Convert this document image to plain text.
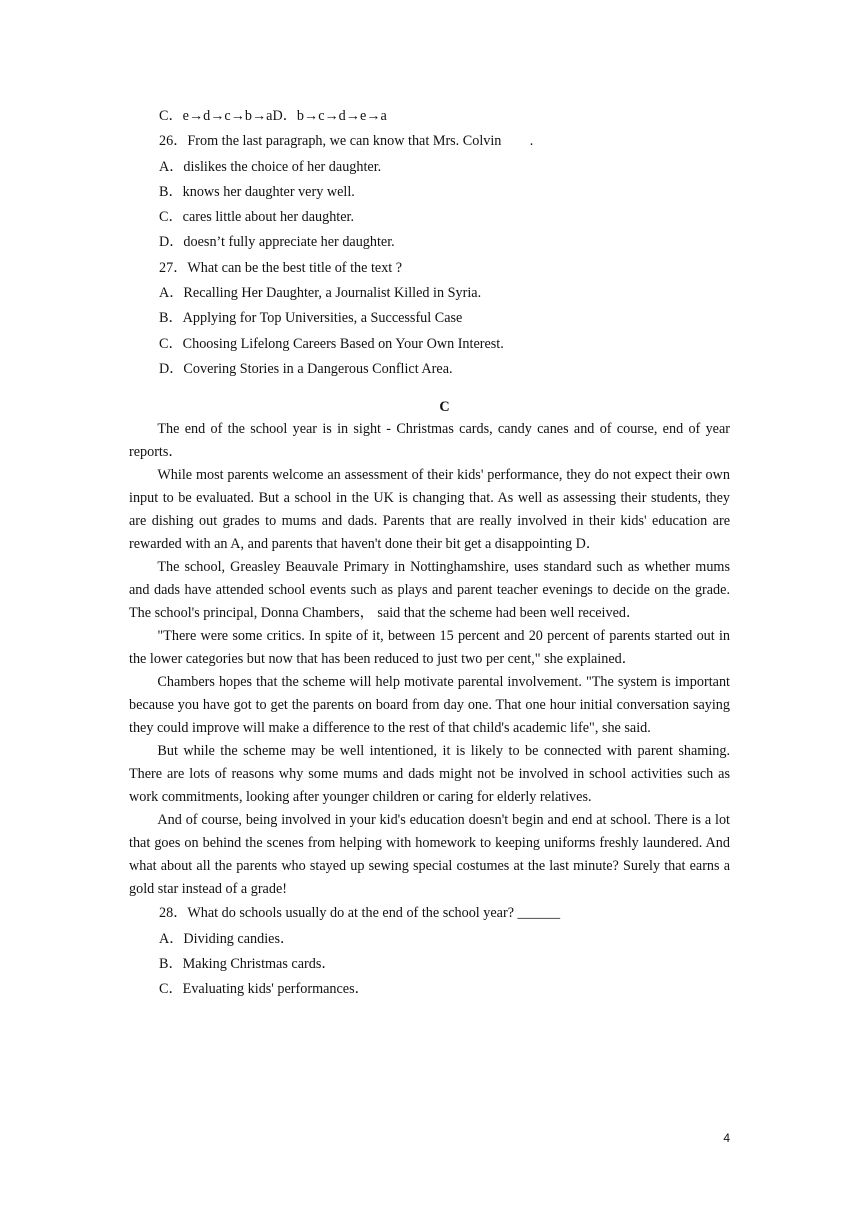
C．e→d→c→b→aD．b→c→d→e→a
26．From the last paragraph, we can know that Mrs. Colvin　　.
A．dislikes the choice of her daughter.
B．knows her daughter very well.
C．cares little about her daughter.
D．doesn’t fully appreciate her daughter.
27．What can be the best title of the text ?
A．Recalling Her Daughter, a Journalist Killed in Syria.
B．Applying for Top Universities, a Successful Case
C．Choosing Lifelong Careers Based on Your Own Interest.
D．Covering Stories in a Dangerous Conflict Area.
C
The end of the school year is in sight - Christmas cards, candy canes and of course, end of year reports．
While most parents welcome an assessment of their kids' performance, they do not expect their own input to be evaluated. But a school in the UK is changing that. As well as assessing their students, they are dishing out grades to mums and dads. Parents that are really involved in their kids' education are rewarded with an A, and parents that haven't done their bit get a disappointing D．
The school, Greasley Beauvale Primary in Nottinghamshire, uses standard such as whether mums and dads have attended school events such as plays and parent teacher evenings to decide on the grade. The school's principal, Donna Chambers， said that the scheme had been well received．
"There were some critics. In spite of it, between 15 percent and 20 percent of parents started out in the lower categories but now that has been reduced to just two per cent," she explained．
Chambers hopes that the scheme will help motivate parental involvement. "The system is important because you have got to get the parents on board from day one. That one hour initial conversation saying they could improve will make a difference to the rest of that child's academic life", she said.
But while the scheme may be well intentioned, it is likely to be connected with parent shaming. There are lots of reasons why some mums and dads might not be involved in school activities such as work commitments, looking after younger children or caring for elderly relatives.
And of course, being involved in your kid's education doesn't begin and end at school. There is a lot that goes on behind the scenes from helping with homework to keeping uniforms freshly laundered. And what about all the parents who stayed up sewing special costumes at the last minute? Surely that earns a gold star instead of a grade!
28．What do schools usually do at the end of the school year? ______
A．Dividing candies．
B．Making Christmas cards．
C．Evaluating kids' performances．
4
